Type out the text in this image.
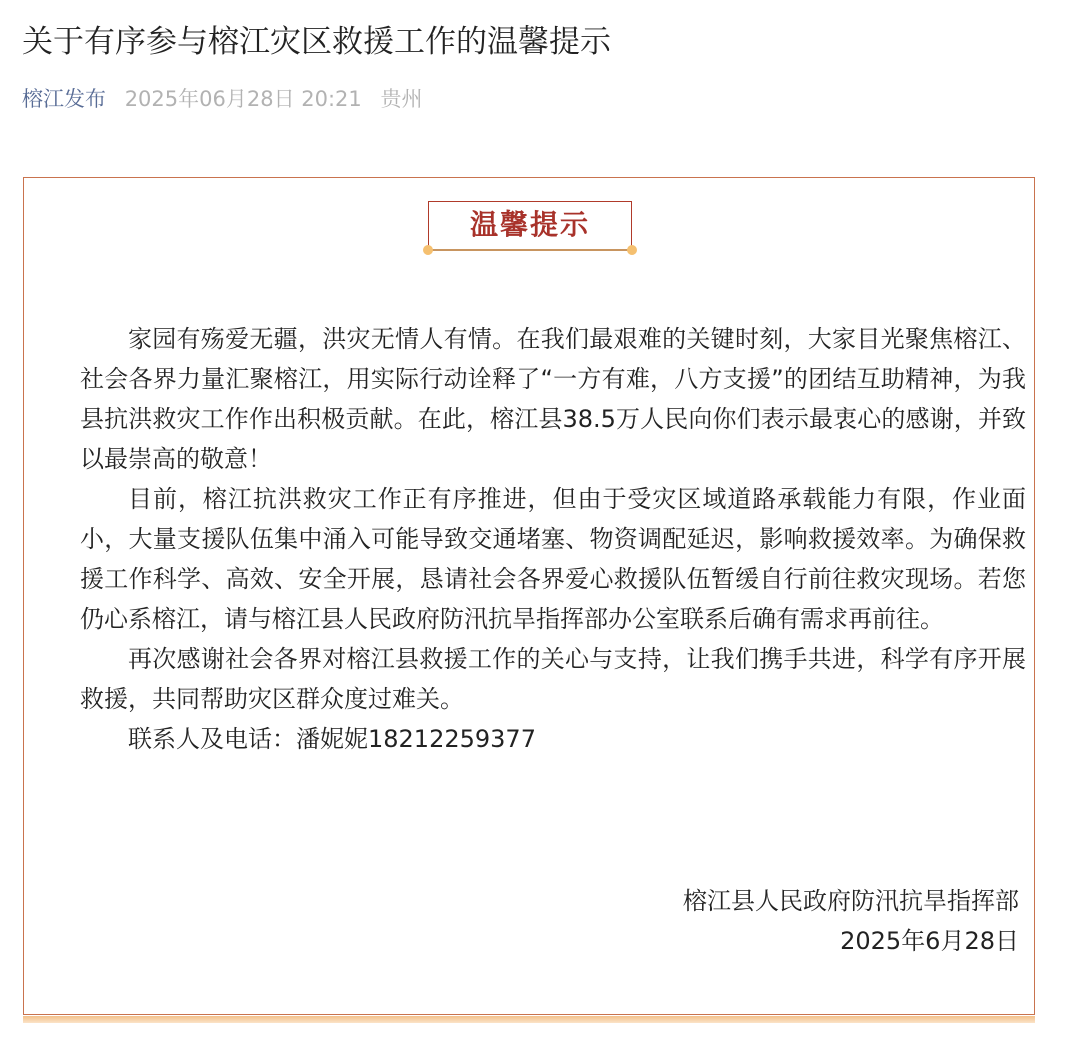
关于有序参与榕江灾区救援工作的温馨提示
榕江发布 2025年06月28日 20:21 贵州
温馨提示

家园有殇爱无疆，洪灾无情人有情。在我们最艰难的关键时刻，大家目光聚焦榕江、社会各界力量汇聚榕江，用实际行动诠释了“一方有难，八方支援”的团结互助精神，为我县抗洪救灾工作作出积极贡献。在此，榕江县38.5万人民向你们表示最衷心的感谢，并致以最崇高的敬意！

目前，榕江抗洪救灾工作正有序推进，但由于受灾区域道路承载能力有限，作业面小，大量支援队伍集中涌入可能导致交通堵塞、物资调配延迟，影响救援效率。为确保救援工作科学、高效、安全开展，恳请社会各界爱心救援队伍暂缓自行前往救灾现场。若您仍心系榕江，请与榕江县人民政府防汛抗旱指挥部办公室联系后确有需求再前往。

再次感谢社会各界对榕江县救援工作的关心与支持，让我们携手共进，科学有序开展救援，共同帮助灾区群众度过难关。

联系人及电话：潘妮妮18212259377

榕江县人民政府防汛抗旱指挥部
2025年6月28日
